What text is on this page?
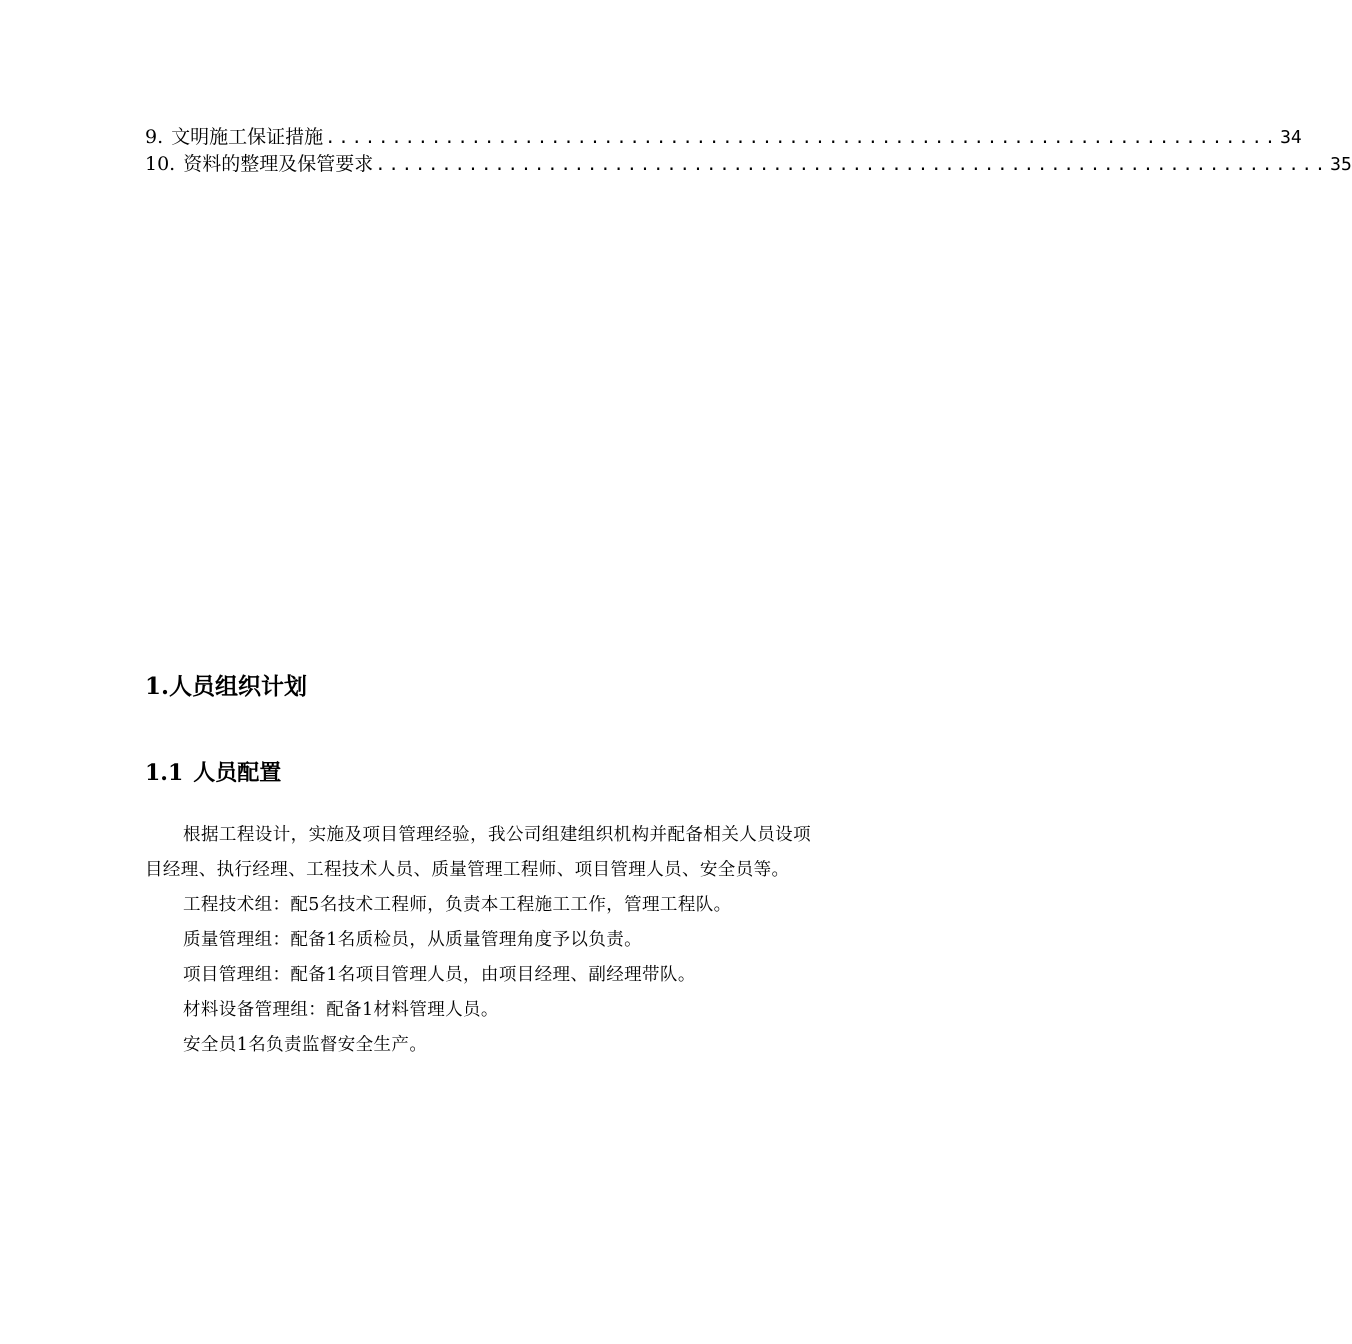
9. 文明施工保证措施 ........................................................................ 34
10. 资料的整理及保管要求 ........................................................................ 35
1.人员组织计划
1.1 人员配置

根据工程设计，实施及项目管理经验，我公司组建组织机构并配备相关人员设项目经理、执行经理、工程技术人员、质量管理工程师、项目管理人员、安全员等。

工程技术组：配5名技术工程师，负责本工程施工工作，管理工程队。

质量管理组：配备1名质检员，从质量管理角度予以负责。

项目管理组：配备1名项目管理人员，由项目经理、副经理带队。

材料设备管理组：配备1材料管理人员。

安全员1名负责监督安全生产。
